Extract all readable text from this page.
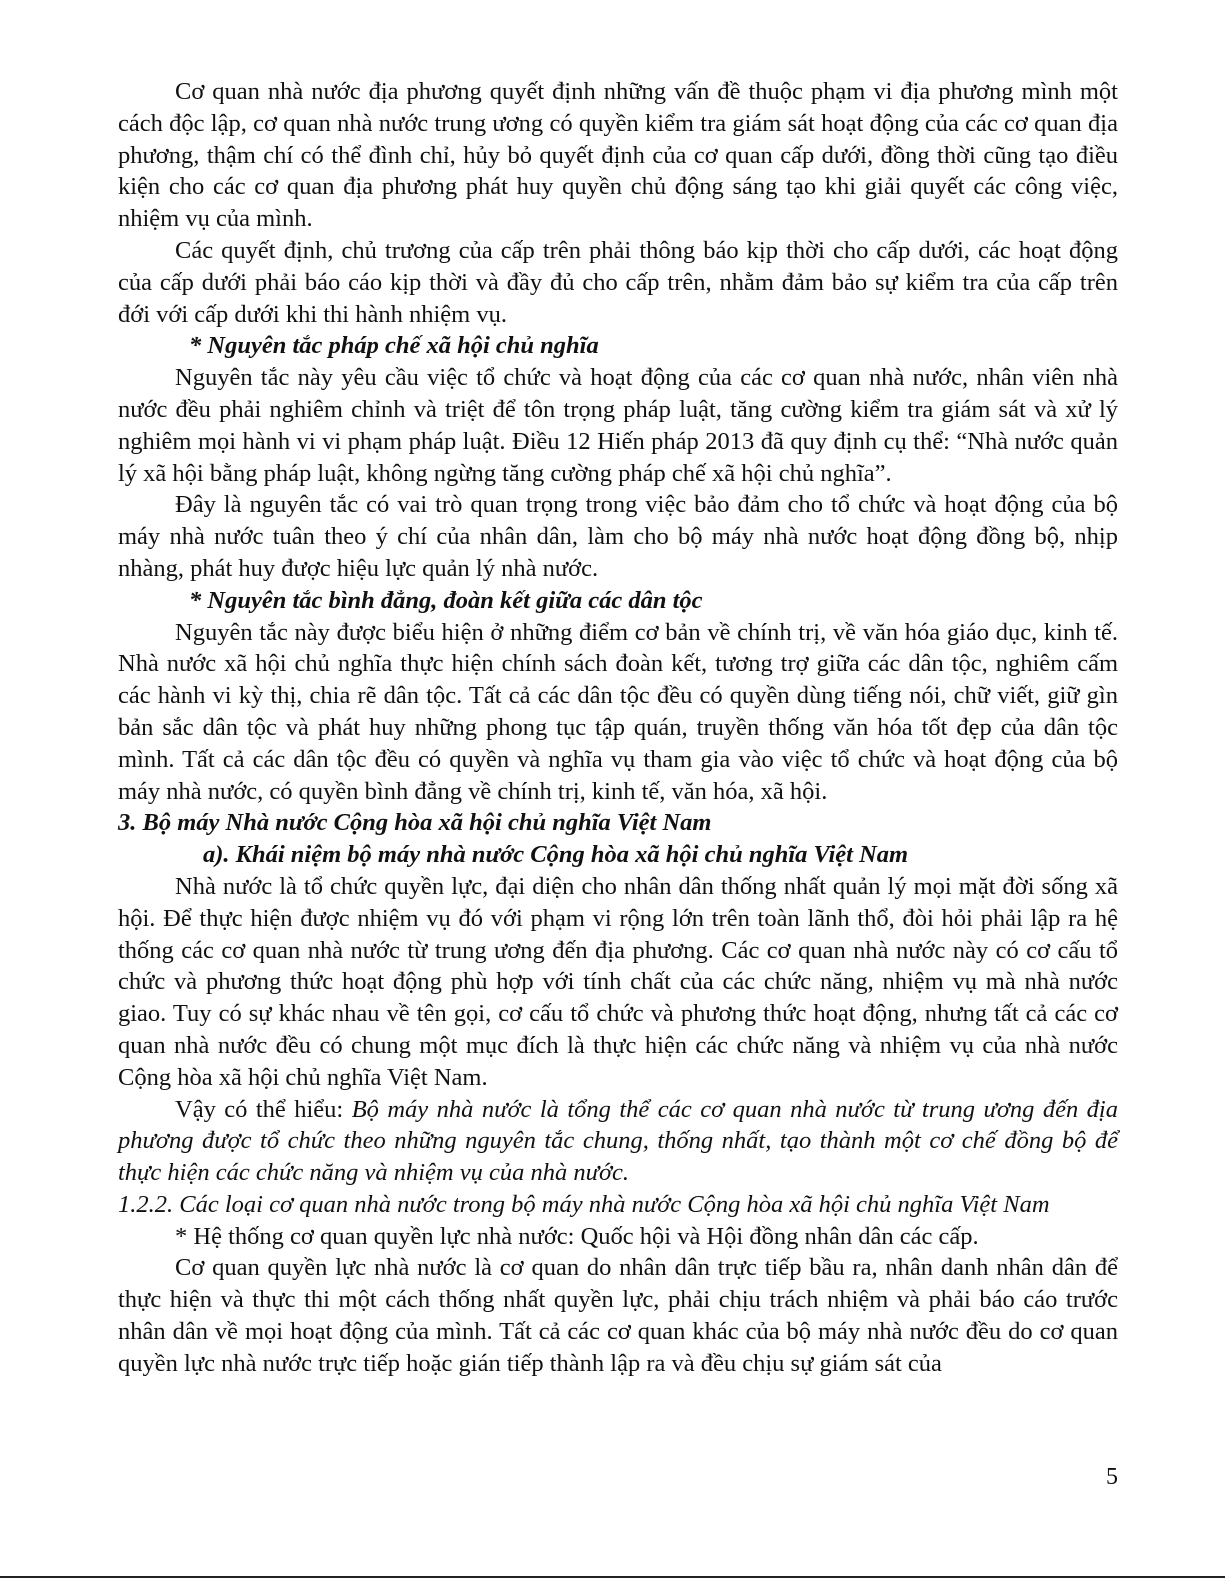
Cơ quan nhà nước địa phương quyết định những vấn đề thuộc phạm vi địa phương mình một cách độc lập, cơ quan nhà nước trung ương có quyền kiểm tra giám sát hoạt động của các cơ quan địa phương, thậm chí có thể đình chỉ, hủy bỏ quyết định của cơ quan cấp dưới, đồng thời cũng tạo điều kiện cho các cơ quan địa phương phát huy quyền chủ động sáng tạo khi giải quyết các công việc, nhiệm vụ của mình.

Các quyết định, chủ trương của cấp trên phải thông báo kịp thời cho cấp dưới, các hoạt động của cấp dưới phải báo cáo kịp thời và đầy đủ cho cấp trên, nhằm đảm bảo sự kiểm tra của cấp trên đới với cấp dưới khi thi hành nhiệm vụ.

* Nguyên tắc pháp chế xã hội chủ nghĩa

Nguyên tắc này yêu cầu việc tổ chức và hoạt động của các cơ quan nhà nước, nhân viên nhà nước đều phải nghiêm chỉnh và triệt để tôn trọng pháp luật, tăng cường kiểm tra giám sát và xử lý nghiêm mọi hành vi vi phạm pháp luật. Điều 12 Hiến pháp 2013 đã quy định cụ thể: “Nhà nước quản lý xã hội bằng pháp luật, không ngừng tăng cường pháp chế xã hội chủ nghĩa”.

Đây là nguyên tắc có vai trò quan trọng trong việc bảo đảm cho tổ chức và hoạt động của bộ máy nhà nước tuân theo ý chí của nhân dân, làm cho bộ máy nhà nước hoạt động đồng bộ, nhịp nhàng, phát huy được hiệu lực quản lý nhà nước.

* Nguyên tắc bình đẳng, đoàn kết giữa các dân tộc

Nguyên tắc này được biểu hiện ở những điểm cơ bản về chính trị, về văn hóa giáo dục, kinh tế. Nhà nước xã hội chủ nghĩa thực hiện chính sách đoàn kết, tương trợ giữa các dân tộc, nghiêm cấm các hành vi kỳ thị, chia rẽ dân tộc. Tất cả các dân tộc đều có quyền dùng tiếng nói, chữ viết, giữ gìn bản sắc dân tộc và phát huy những phong tục tập quán, truyền thống văn hóa tốt đẹp của dân tộc mình. Tất cả các dân tộc đều có quyền và nghĩa vụ tham gia vào việc tổ chức và hoạt động của bộ máy nhà nước, có quyền bình đẳng về chính trị, kinh tế, văn hóa, xã hội.

3. Bộ máy Nhà nước Cộng hòa xã hội chủ nghĩa Việt Nam

a). Khái niệm bộ máy nhà nước Cộng hòa xã hội chủ nghĩa Việt Nam

Nhà nước là tổ chức quyền lực, đại diện cho nhân dân thống nhất quản lý mọi mặt đời sống xã hội. Để thực hiện được nhiệm vụ đó với phạm vi rộng lớn trên toàn lãnh thổ, đòi hỏi phải lập ra hệ thống các cơ quan nhà nước từ trung ương đến địa phương. Các cơ quan nhà nước này có cơ cấu tổ chức và phương thức hoạt động phù hợp với tính chất của các chức năng, nhiệm vụ mà nhà nước giao. Tuy có sự khác nhau về tên gọi, cơ cấu tổ chức và phương thức hoạt động, nhưng tất cả các cơ quan nhà nước đều có chung một mục đích là thực hiện các chức năng và nhiệm vụ của nhà nước Cộng hòa xã hội chủ nghĩa Việt Nam.

Vậy có thể hiểu: Bộ máy nhà nước là tổng thể các cơ quan nhà nước từ trung ương đến địa phương được tổ chức theo những nguyên tắc chung, thống nhất, tạo thành một cơ chế đồng bộ để thực hiện các chức năng và nhiệm vụ của nhà nước.

1.2.2. Các loại cơ quan nhà nước trong bộ máy nhà nước Cộng hòa xã hội chủ nghĩa Việt Nam

* Hệ thống cơ quan quyền lực nhà nước: Quốc hội và Hội đồng nhân dân các cấp.

Cơ quan quyền lực nhà nước là cơ quan do nhân dân trực tiếp bầu ra, nhân danh nhân dân để thực hiện và thực thi một cách thống nhất quyền lực, phải chịu trách nhiệm và phải báo cáo trước nhân dân về mọi hoạt động của mình. Tất cả các cơ quan khác của bộ máy nhà nước đều do cơ quan quyền lực nhà nước trực tiếp hoặc gián tiếp thành lập ra và đều chịu sự giám sát của

5
